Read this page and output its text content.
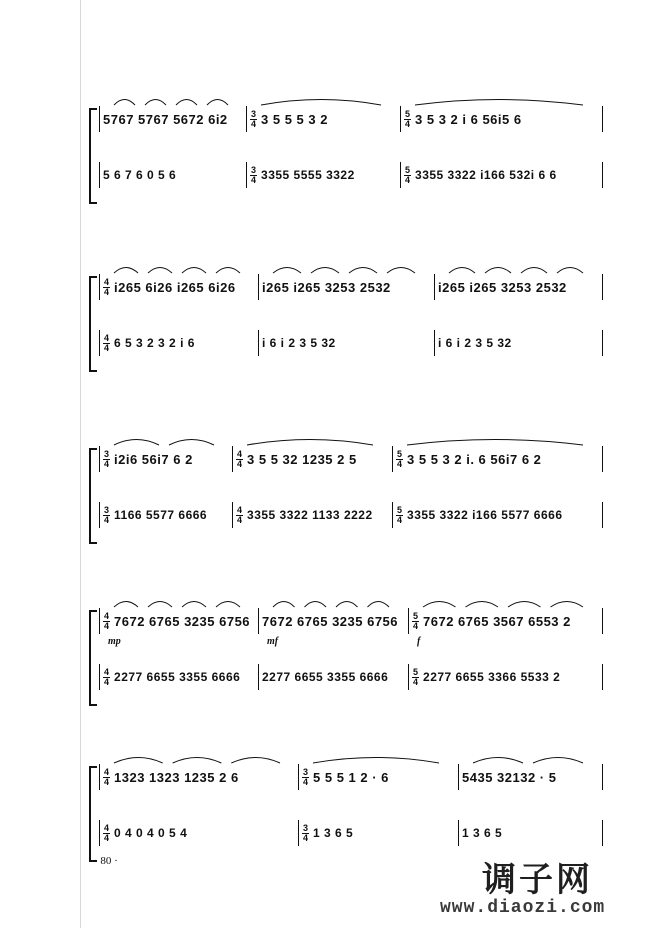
5767 5767 5672 6i2	3
4 3 5 5 5 3 2	5
4 3 5 3 2 i 6 56i5 6
5 6 7 6 0 5 6	3
4 3355 5555 3322	5
4 3355 3322 i166 532i 6 6
4
4 i265 6i26 i265 6i26 i265 i265 3253 2532	i265 i265 3253 2532
4
4 6 5 3 2 3 2 i 6	i 6 i 2 3 5 32	i 6 i 2 3 5 32
3
4 i2i6 56i7 6 2	4
4 3 5 5 32 1235 2 5	5
4 3 5 5 3 2 i. 6 56i7 6 2
3
4 1166 5577 6666	4
4 3355 3322 1133 2222	5
4 3355 3322 i166 5577 6666
4
4 7672 6765 3235 6756
mp
7672 6765 3235 6756
mf
5
4 7672 6765 3567 6553 2
f
4
4 2277 6655 3355 6666 2277 6655 3355 6666	5
4 2277 6655 3366 5533 2
4
4 1323 1323 1235 2 6	3
4 5 5 5 1 2 · 6	5435 32132 · 5
4
4 0 4 0 4 0 5 4	3
4 1 3 6 5	1 3 6 5
· 80 ·	调子网
www.diaozi.com
